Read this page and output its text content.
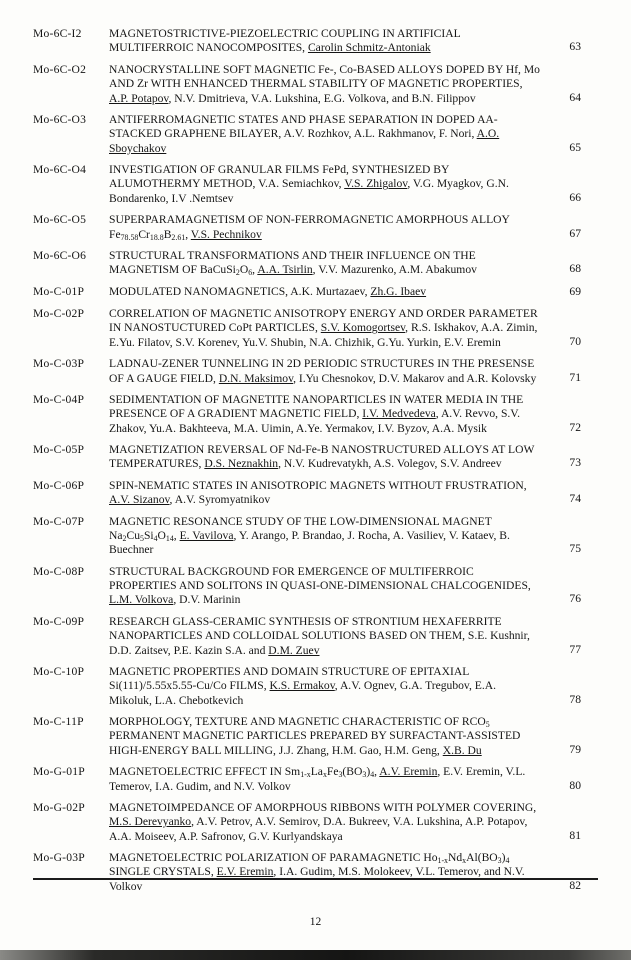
Mo-6C-I2	MAGNETOSTRICTIVE-PIEZOELECTRIC COUPLING IN ARTIFICIAL MULTIFERROIC NANOCOMPOSITES, Carolin Schmitz-Antoniak	63
Mo-6C-O2	NANOCRYSTALLINE SOFT MAGNETIC Fe-, Co-BASED ALLOYS DOPED BY Hf, Mo AND Zr WITH ENHANCED THERMAL STABILITY OF MAGNETIC PROPERTIES, A.P. Potapov, N.V. Dmitrieva, V.A. Lukshina, E.G. Volkova, and B.N. Filippov	64
Mo-6C-O3	ANTIFERROMAGNETIC STATES AND PHASE SEPARATION IN DOPED AA-STACKED GRAPHENE BILAYER, A.V. Rozhkov, A.L. Rakhmanov, F. Nori, A.O. Sboychakov	65
Mo-6C-O4	INVESTIGATION OF GRANULAR FILMS FePd, SYNTHESIZED BY ALUMOTHERMY METHOD, V.A. Semiachkov, V.S. Zhigalov, V.G. Myagkov, G.N. Bondarenko, I.V .Nemtsev	66
Mo-6C-O5	SUPERPARAMAGNETISM OF NON-FERROMAGNETIC AMORPHOUS ALLOY $Fe_{78.58}Cr_{18.8}B_{2.61}$, V.S. Pechnikov	67
Mo-6C-O6	STRUCTURAL TRANSFORMATIONS AND THEIR INFLUENCE ON THE MAGNETISM OF $BaCuSi_2O_6$, A.A. Tsirlin, V.V. Mazurenko, A.M. Abakumov	68
Mo-C-01P	MODULATED NANOMAGNETICS, A.K. Murtazaev, Zh.G. Ibaev	69
Mo-C-02P	CORRELATION OF MAGNETIC ANISOTROPY ENERGY AND ORDER PARAMETER IN NANOSTUCTURED CoPt PARTICLES, S.V. Komogortsev, R.S. Iskhakov, A.A. Zimin, E.Yu. Filatov, S.V. Korenev, Yu.V. Shubin, N.A. Chizhik, G.Yu. Yurkin, E.V. Eremin	70
Mo-C-03P	LADNAU-ZENER TUNNELING IN 2D PERIODIC STRUCTURES IN THE PRESENSE OF A GAUGE FIELD, D.N. Maksimov, I.Yu Chesnokov, D.V. Makarov and A.R. Kolovsky	71
Mo-C-04P	SEDIMENTATION OF MAGNETITE NANOPARTICLES IN WATER MEDIA IN THE PRESENCE OF A GRADIENT MAGNETIC FIELD, I.V. Medvedeva, A.V. Revvo, S.V. Zhakov, Yu.A. Bakhteeva, M.A. Uimin, A.Ye. Yermakov, I.V. Byzov, A.A. Mysik	72
Mo-C-05P	MAGNETIZATION REVERSAL OF Nd-Fe-B NANOSTRUCTURED ALLOYS AT LOW TEMPERATURES, D.S. Neznakhin, N.V. Kudrevatykh, A.S. Volegov, S.V. Andreev	73
Mo-C-06P	SPIN-NEMATIC STATES IN ANISOTROPIC MAGNETS WITHOUT FRUSTRATION, A.V. Sizanov, A.V. Syromyatnikov	74
Mo-C-07P	MAGNETIC RESONANCE STUDY OF THE LOW-DIMENSIONAL MAGNET $Na_2Cu_5Si_4O_{14}$, E. Vavilova, Y. Arango, P. Brandao, J. Rocha, A. Vasiliev, V. Kataev, B. Buechner	75
Mo-C-08P	STRUCTURAL BACKGROUND FOR EMERGENCE OF MULTIFERROIC PROPERTIES AND SOLITONS IN QUASI-ONE-DIMENSIONAL CHALCOGENIDES, L.M. Volkova, D.V. Marinin	76
Mo-C-09P	RESEARCH GLASS-CERAMIC SYNTHESIS OF STRONTIUM HEXAFERRITE NANOPARTICLES AND COLLOIDAL SOLUTIONS BASED ON THEM, S.E. Kushnir, D.D. Zaitsev, P.E. Kazin S.A. and D.M. Zuev	77
Mo-C-10P	MAGNETIC PROPERTIES AND DOMAIN STRUCTURE OF EPITAXIAL Si(111)/5.55x5.55-Cu/Co FILMS, K.S. Ermakov, A.V. Ognev, G.A. Tregubov, E.A. Mikoluk, L.A. Chebotkevich	78
Mo-C-11P	MORPHOLOGY, TEXTURE AND MAGNETIC CHARACTERISTIC OF $RCO_5$ PERMANENT MAGNETIC PARTICLES PREPARED BY SURFACTANT-ASSISTED HIGH-ENERGY BALL MILLING, J.J. Zhang, H.M. Gao, H.M. Geng, X.B. Du	79
Mo-G-01P	MAGNETOELECTRIC EFFECT IN $Sm_{1-x}La_xFe_3(BO_3)_4$, A.V. Eremin, E.V. Eremin, V.L. Temerov, I.A. Gudim, and N.V. Volkov	80
Mo-G-02P	MAGNETOIMPEDANCE OF AMORPHOUS RIBBONS WITH POLYMER COVERING, M.S. Derevyanko, A.V. Petrov, A.V. Semirov, D.A. Bukreev, V.A. Lukshina, A.P. Potapov, A.A. Moiseev, A.P. Safronov, G.V. Kurlyandskaya	81
Mo-G-03P	MAGNETOELECTRIC POLARIZATION OF PARAMAGNETIC $Ho_{1-x}Nd_xAl(BO_3)_4$ SINGLE CRYSTALS, E.V. Eremin, I.A. Gudim, M.S. Molokeev, V.L. Temerov, and N.V. Volkov	82
12
